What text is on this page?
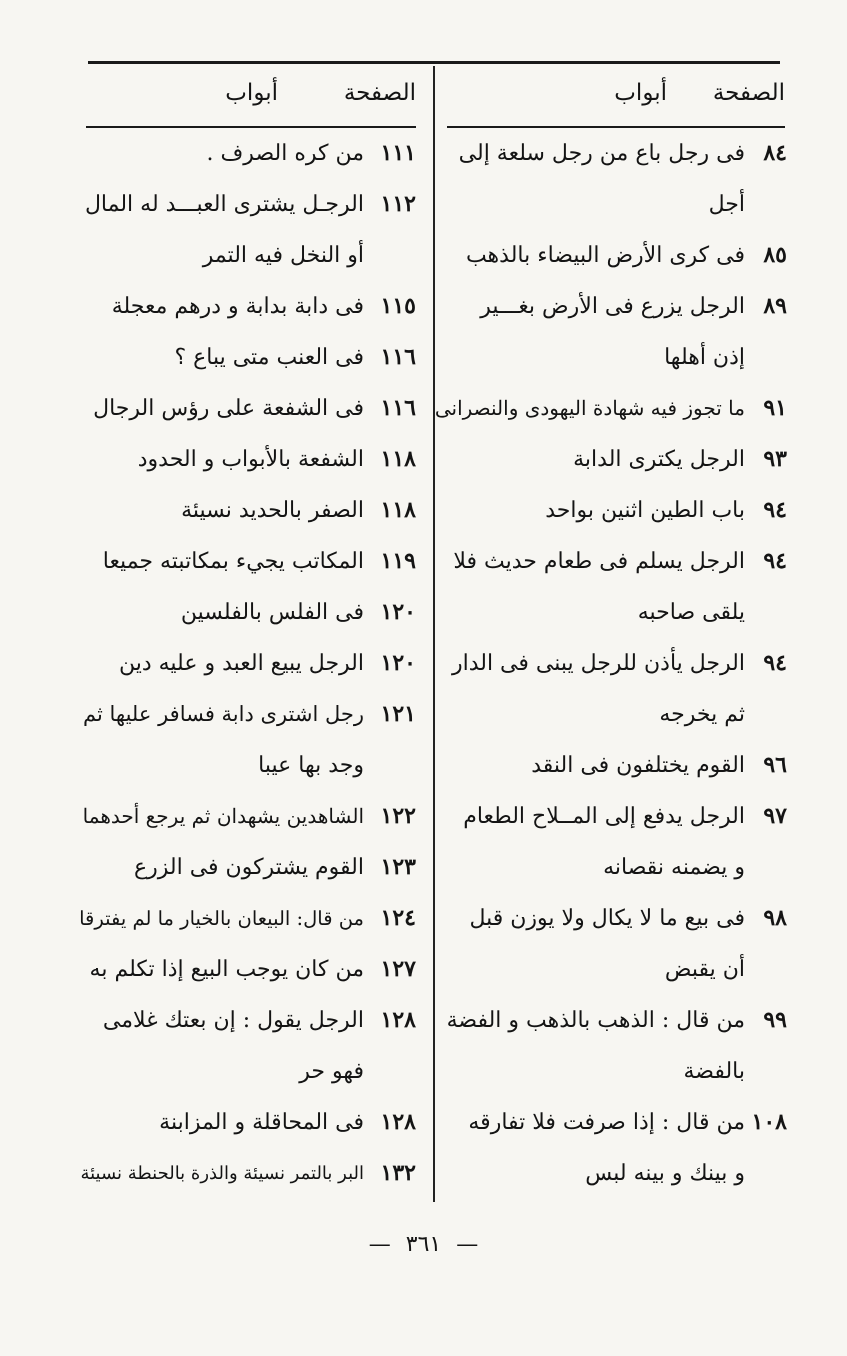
الصفحة
أبواب
٨٤
فى رجل باع من رجل سلعة إلى
أجل
٨٥
فى كرى الأرض البيضاء بالذهب
٨٩
الرجل يزرع فى الأرض بغـــير
إذن أهلها
٩١
ما تجوز فيه شهادة اليهودى والنصرانى
٩٣
الرجل يكترى الدابة
٩٤
باب الطين اثنين بواحد
٩٤
الرجل يسلم فى طعام حديث فلا
يلقى صاحبه
٩٤
الرجل يأذن للرجل يبنى فى الدار
ثم يخرجه
٩٦
القوم يختلفون فى النقد
٩٧
الرجل يدفع إلى المــلاح الطعام
و يضمنه نقصانه
٩٨
فى بيع ما لا يكال ولا يوزن قبل
أن يقبض
٩٩
من قال : الذهب بالذهب و الفضة
بالفضة
١٠٨
من قال : إذا صرفت فلا تفارقه
و بينك و بينه لبس
الصفحة
أبواب
١١١
من كره الصرف .
١١٢
الرجـل يشترى العبـــد له المال
أو النخل فيه التمر
١١٥
فى دابة بدابة و درهم معجلة
١١٦
فى العنب متى يباع ؟
١١٦
فى الشفعة على رؤس الرجال
١١٨
الشفعة بالأبواب و الحدود
١١٨
الصفر بالحديد نسيئة
١١٩
المكاتب يجيء بمكاتبته جميعا
١٢٠
فى الفلس بالفلسين
١٢٠
الرجل يبيع العبد و عليه دين
١٢١
رجل اشترى دابة فسافر عليها ثم
وجد بها عيبا
١٢٢
الشاهدين يشهدان ثم يرجع أحدهما
١٢٣
القوم يشتركون فى الزرع
١٢٤
من قال: البيعان بالخيار ما لم يفترقا
١٢٧
من كان يوجب البيع إذا تكلم به
١٢٨
الرجل يقول : إن بعتك غلامى
فهو حر
١٢٨
فى المحاقلة و المزابنة
١٣٢
البر بالتمر نسيئة والذرة بالحنطة نسيئة
— ٣٦١ —
